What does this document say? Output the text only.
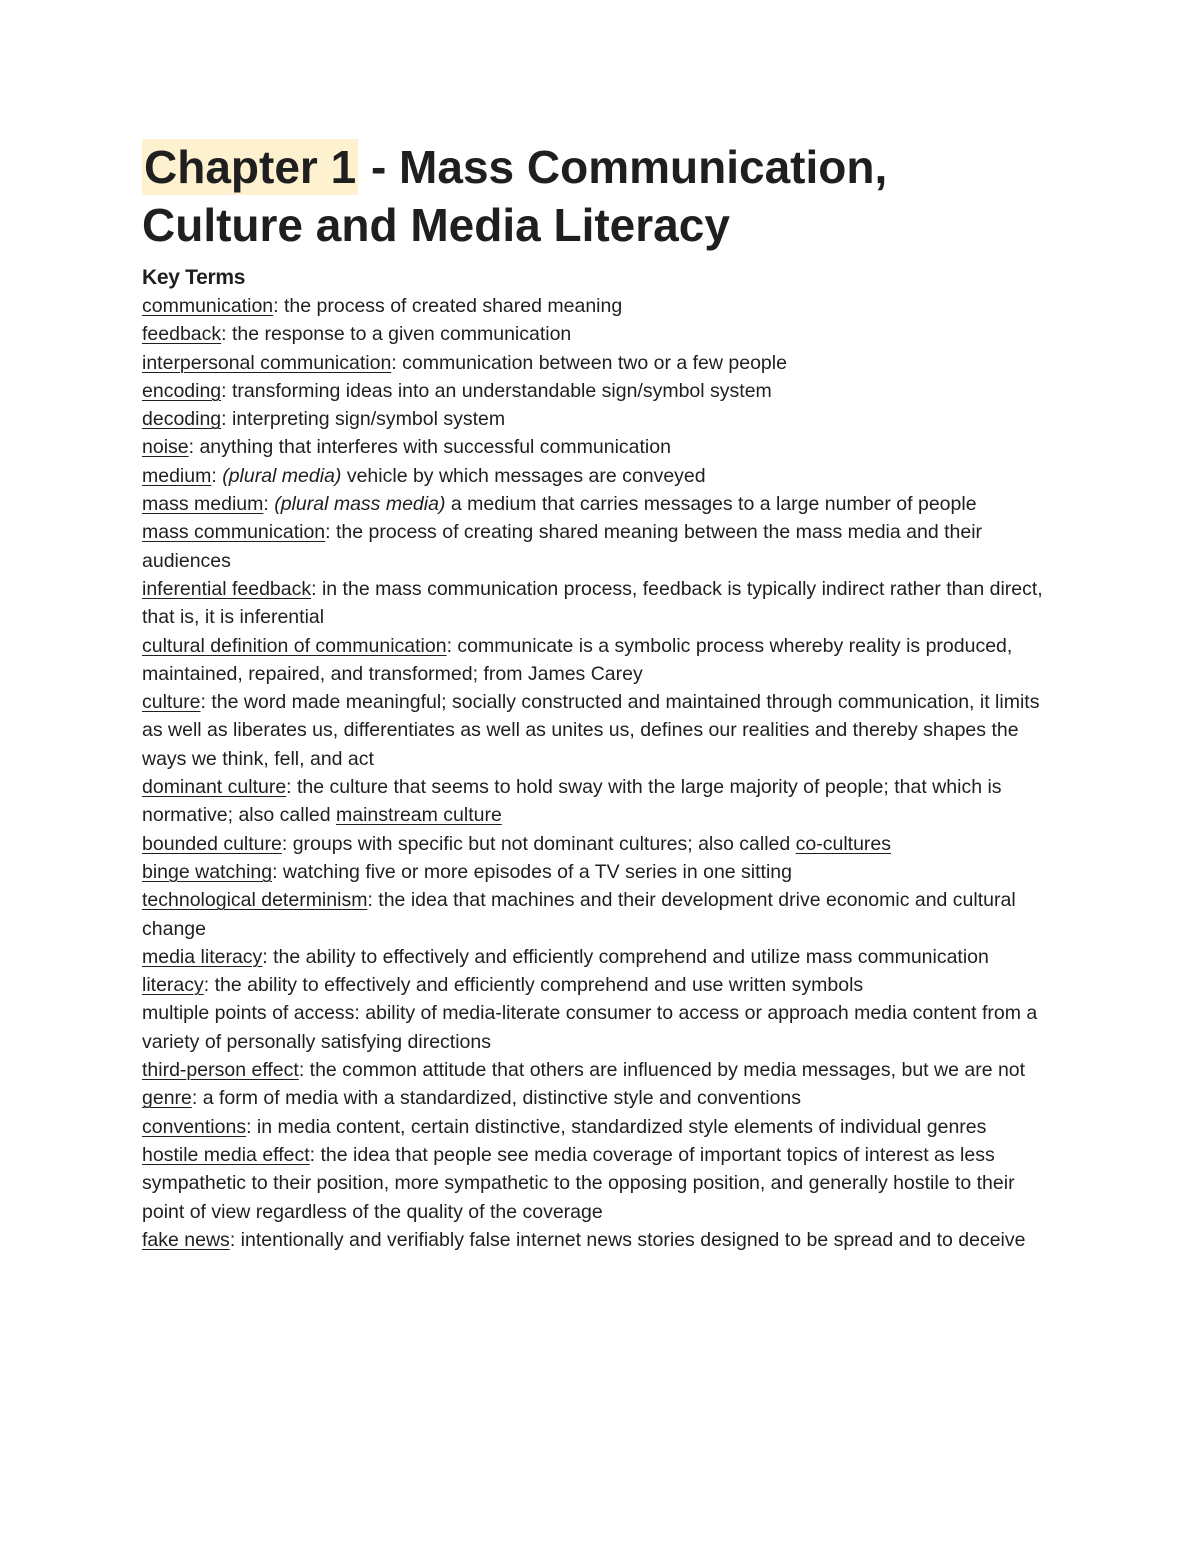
Chapter 1 - Mass Communication,
Culture and Media Literacy
Key Terms
communication: the process of created shared meaning
feedback: the response to a given communication
interpersonal communication: communication between two or a few people
encoding: transforming ideas into an understandable sign/symbol system
decoding: interpreting sign/symbol system
noise: anything that interferes with successful communication
medium: (plural media) vehicle by which messages are conveyed
mass medium: (plural mass media) a medium that carries messages to a large number of people
mass communication: the process of creating shared meaning between the mass media and their audiences
inferential feedback: in the mass communication process, feedback is typically indirect rather than direct, that is, it is inferential
cultural definition of communication: communicate is a symbolic process whereby reality is produced, maintained, repaired, and transformed; from James Carey
culture: the word made meaningful; socially constructed and maintained through communication, it limits as well as liberates us, differentiates as well as unites us, defines our realities and thereby shapes the ways we think, fell, and act
dominant culture: the culture that seems to hold sway with the large majority of people; that which is normative; also called mainstream culture
bounded culture: groups with specific but not dominant cultures; also called co-cultures
binge watching: watching five or more episodes of a TV series in one sitting
technological determinism: the idea that machines and their development drive economic and cultural change
media literacy: the ability to effectively and efficiently comprehend and utilize mass communication
literacy: the ability to effectively and efficiently comprehend and use written symbols
multiple points of access: ability of media-literate consumer to access or approach media content from a variety of personally satisfying directions
third-person effect: the common attitude that others are influenced by media messages, but we are not
genre: a form of media with a standardized, distinctive style and conventions
conventions: in media content, certain distinctive, standardized style elements of individual genres
hostile media effect: the idea that people see media coverage of important topics of interest as less sympathetic to their position, more sympathetic to the opposing position, and generally hostile to their point of view regardless of the quality of the coverage
fake news: intentionally and verifiably false internet news stories designed to be spread and to deceive
